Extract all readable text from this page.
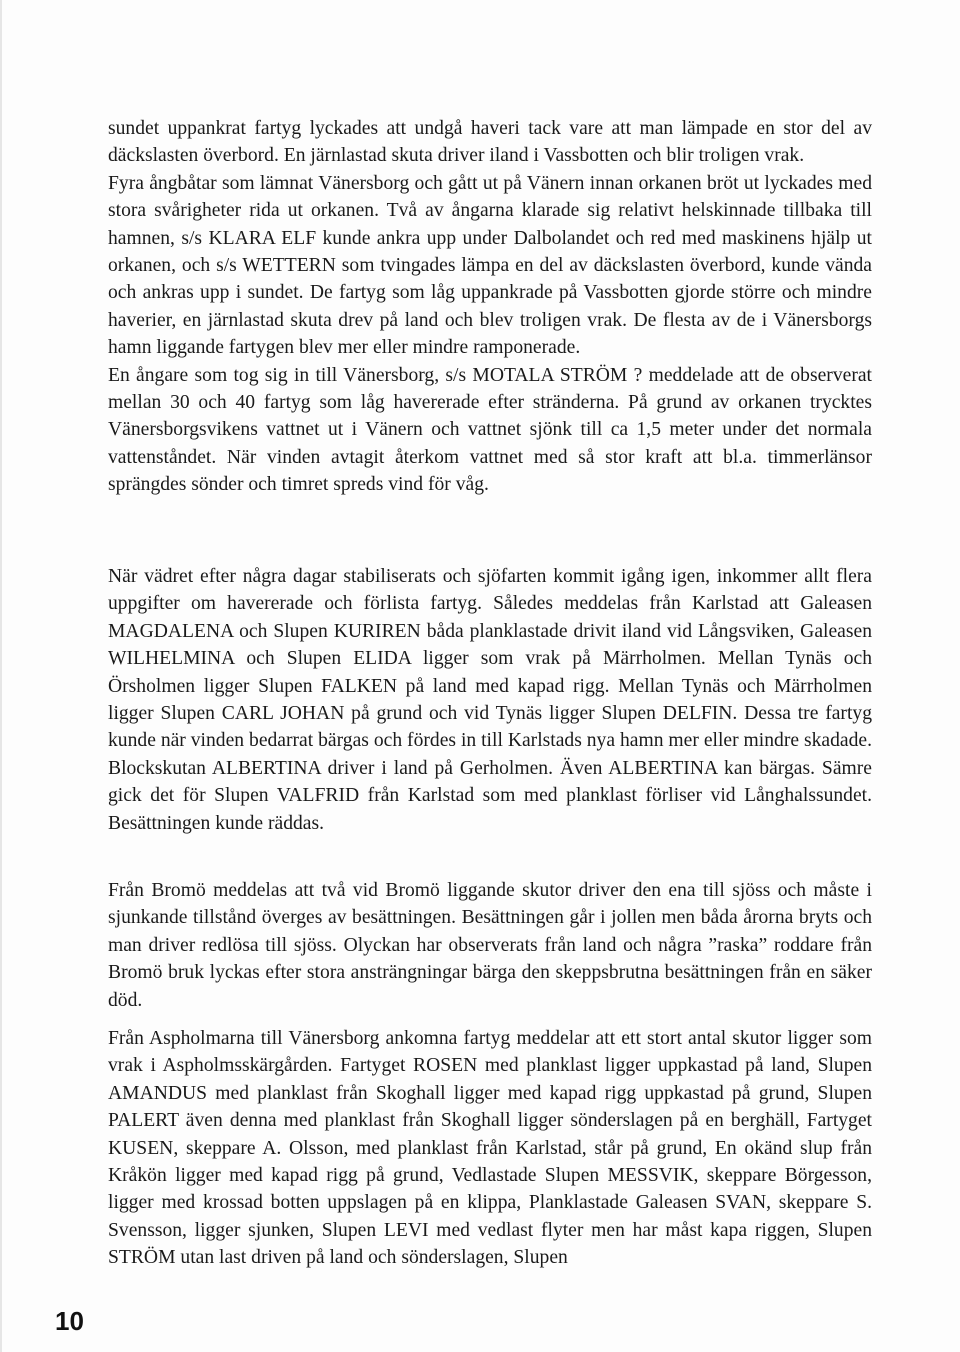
sundet uppankrat fartyg lyckades att undgå haveri tack vare att man lämpade en stor del av däckslasten överbord. En järnlastad skuta driver iland i Vassbotten och blir troligen vrak.

Fyra ångbåtar som lämnat Vänersborg och gått ut på Vänern innan orkanen bröt ut lyckades med stora svårigheter rida ut orkanen. Två av ångarna klarade sig relativt helskinnade tillbaka till hamnen, s/s KLARA ELF kunde ankra upp under Dalbolandet och red med maskinens hjälp ut orkanen, och s/s WETTERN som tvingades lämpa en del av däckslasten överbord, kunde vända och ankras upp i sundet. De fartyg som låg uppankrade på Vassbotten gjorde större och mindre haverier, en järnlastad skuta drev på land och blev troligen vrak. De flesta av de i Vänersborgs hamn liggande fartygen blev mer eller mindre ramponerade.

En ångare som tog sig in till Vänersborg, s/s MOTALA STRÖM ? meddelade att de observerat mellan 30 och 40 fartyg som låg havererade efter stränderna. På grund av orkanen trycktes Vänersborgsvikens vattnet ut i Vänern och vattnet sjönk till ca 1,5 meter under det normala vattenståndet. När vinden avtagit återkom vattnet med så stor kraft att bl.a. timmerlänsor sprängdes sönder och timret spreds vind för våg.

När vädret efter några dagar stabiliserats och sjöfarten kommit igång igen, inkommer allt flera uppgifter om havererade och förlista fartyg. Således meddelas från Karlstad att Galeasen MAGDALENA och Slupen KURIREN båda planklastade drivit iland vid Långsviken, Galeasen WILHELMINA och Slupen ELIDA ligger som vrak på Märrholmen. Mellan Tynäs och Örsholmen ligger Slupen FALKEN på land med kapad rigg. Mellan Tynäs och Märrholmen ligger Slupen CARL JOHAN på grund och vid Tynäs ligger Slupen DELFIN. Dessa tre fartyg kunde när vinden bedarrat bärgas och fördes in till Karlstads nya hamn mer eller mindre skadade. Blockskutan ALBERTINA driver i land på Gerholmen. Även ALBERTINA kan bärgas. Sämre gick det för Slupen VALFRID från Karlstad som med planklast förliser vid Långhalssundet. Besättningen kunde räddas.

Från Bromö meddelas att två vid Bromö liggande skutor driver den ena till sjöss och måste i sjunkande tillstånd överges av besättningen. Besättningen går i jollen men båda årorna bryts och man driver redlösa till sjöss. Olyckan har observerats från land och några ”raska” roddare från Bromö bruk lyckas efter stora ansträngningar bärga den skeppsbrutna besättningen från en säker död.

Från Aspholmarna till Vänersborg ankomna fartyg meddelar att ett stort antal skutor ligger som vrak i Aspholmsskärgården. Fartyget ROSEN med planklast ligger uppkastad på land, Slupen AMANDUS med planklast från Skoghall ligger med kapad rigg uppkastad på grund, Slupen PALERT även denna med planklast från Skoghall ligger sönderslagen på en berghäll, Fartyget KUSEN, skeppare A. Olsson, med planklast från Karlstad, står på grund, En okänd slup från Kråkön ligger med kapad rigg på grund, Vedlastade Slupen MESSVIK, skeppare Börgesson, ligger med krossad botten uppslagen på en klippa, Planklastade Galeasen SVAN, skeppare S. Svensson, ligger sjunken, Slupen LEVI med vedlast flyter men har måst kapa riggen, Slupen STRÖM utan last driven på land och sönderslagen, Slupen

10
